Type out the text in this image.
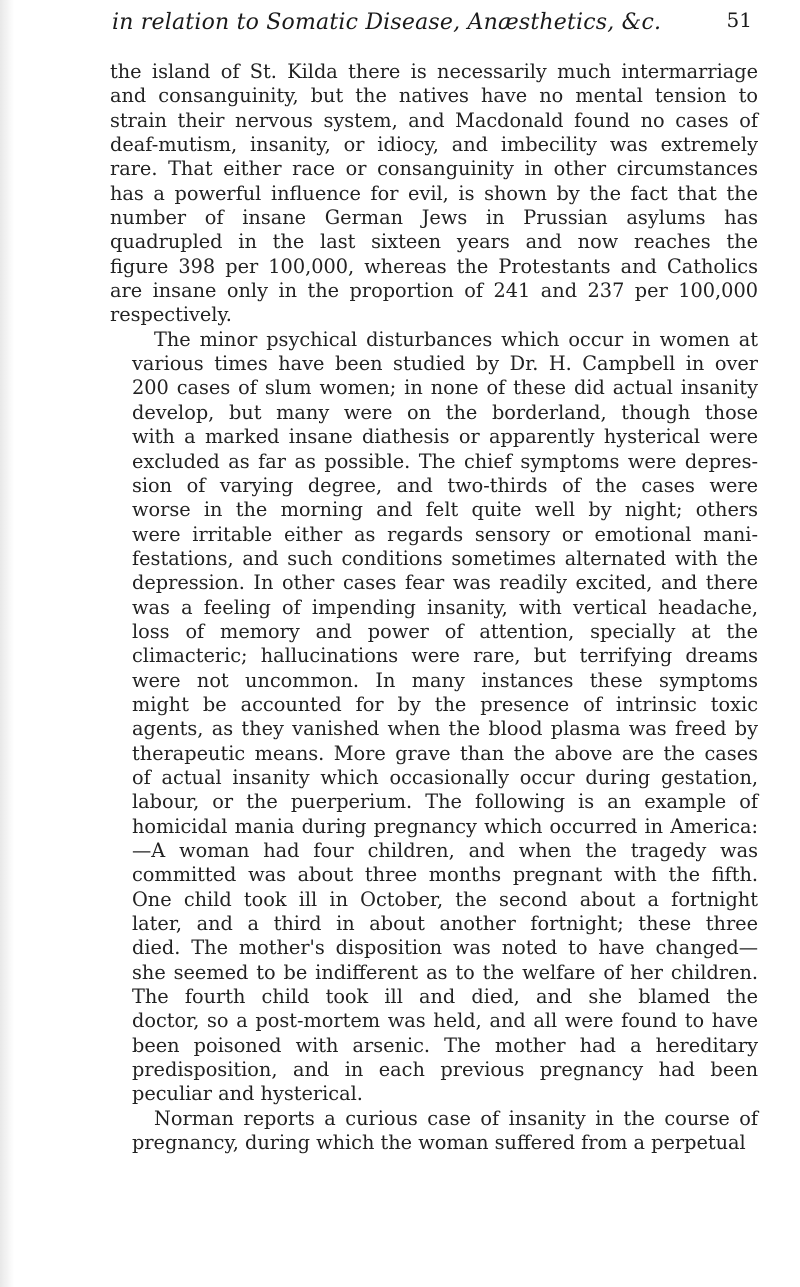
in relation to Somatic Disease, Anæsthetics, &c.	51

the island of St. Kilda there is necessarily much intermarriage
and consanguinity, but the natives have no mental tension to
strain their nervous system, and Macdonald found no cases of
deaf-mutism, insanity, or idiocy, and imbecility was extremely
rare. That either race or consanguinity in other circumstances
has a powerful influence for evil, is shown by the fact that the
number of insane German Jews in Prussian asylums has
quadrupled in the last sixteen years and now reaches the
figure 398 per 100,000, whereas the Protestants and Catholics
are insane only in the proportion of 241 and 237 per 100,000
respectively.

The minor psychical disturbances which occur in women at
various times have been studied by Dr. H. Campbell in over
200 cases of slum women; in none of these did actual insanity
develop, but many were on the borderland, though those
with a marked insane diathesis or apparently hysterical were
excluded as far as possible. The chief symptoms were depres-
sion of varying degree, and two-thirds of the cases were
worse in the morning and felt quite well by night; others
were irritable either as regards sensory or emotional mani-
festations, and such conditions sometimes alternated with the
depression. In other cases fear was readily excited, and there
was a feeling of impending insanity, with vertical headache,
loss of memory and power of attention, specially at the
climacteric; hallucinations were rare, but terrifying dreams
were not uncommon. In many instances these symptoms
might be accounted for by the presence of intrinsic toxic
agents, as they vanished when the blood plasma was freed by
therapeutic means. More grave than the above are the cases
of actual insanity which occasionally occur during gestation,
labour, or the puerperium. The following is an example of
homicidal mania during pregnancy which occurred in America:
—A woman had four children, and when the tragedy was
committed was about three months pregnant with the fifth.
One child took ill in October, the second about a fortnight
later, and a third in about another fortnight; these three
died. The mother's disposition was noted to have changed—
she seemed to be indifferent as to the welfare of her children.
The fourth child took ill and died, and she blamed the
doctor, so a post-mortem was held, and all were found to have
been poisoned with arsenic. The mother had a hereditary
predisposition, and in each previous pregnancy had been
peculiar and hysterical.

Norman reports a curious case of insanity in the course of
pregnancy, during which the woman suffered from a perpetual
